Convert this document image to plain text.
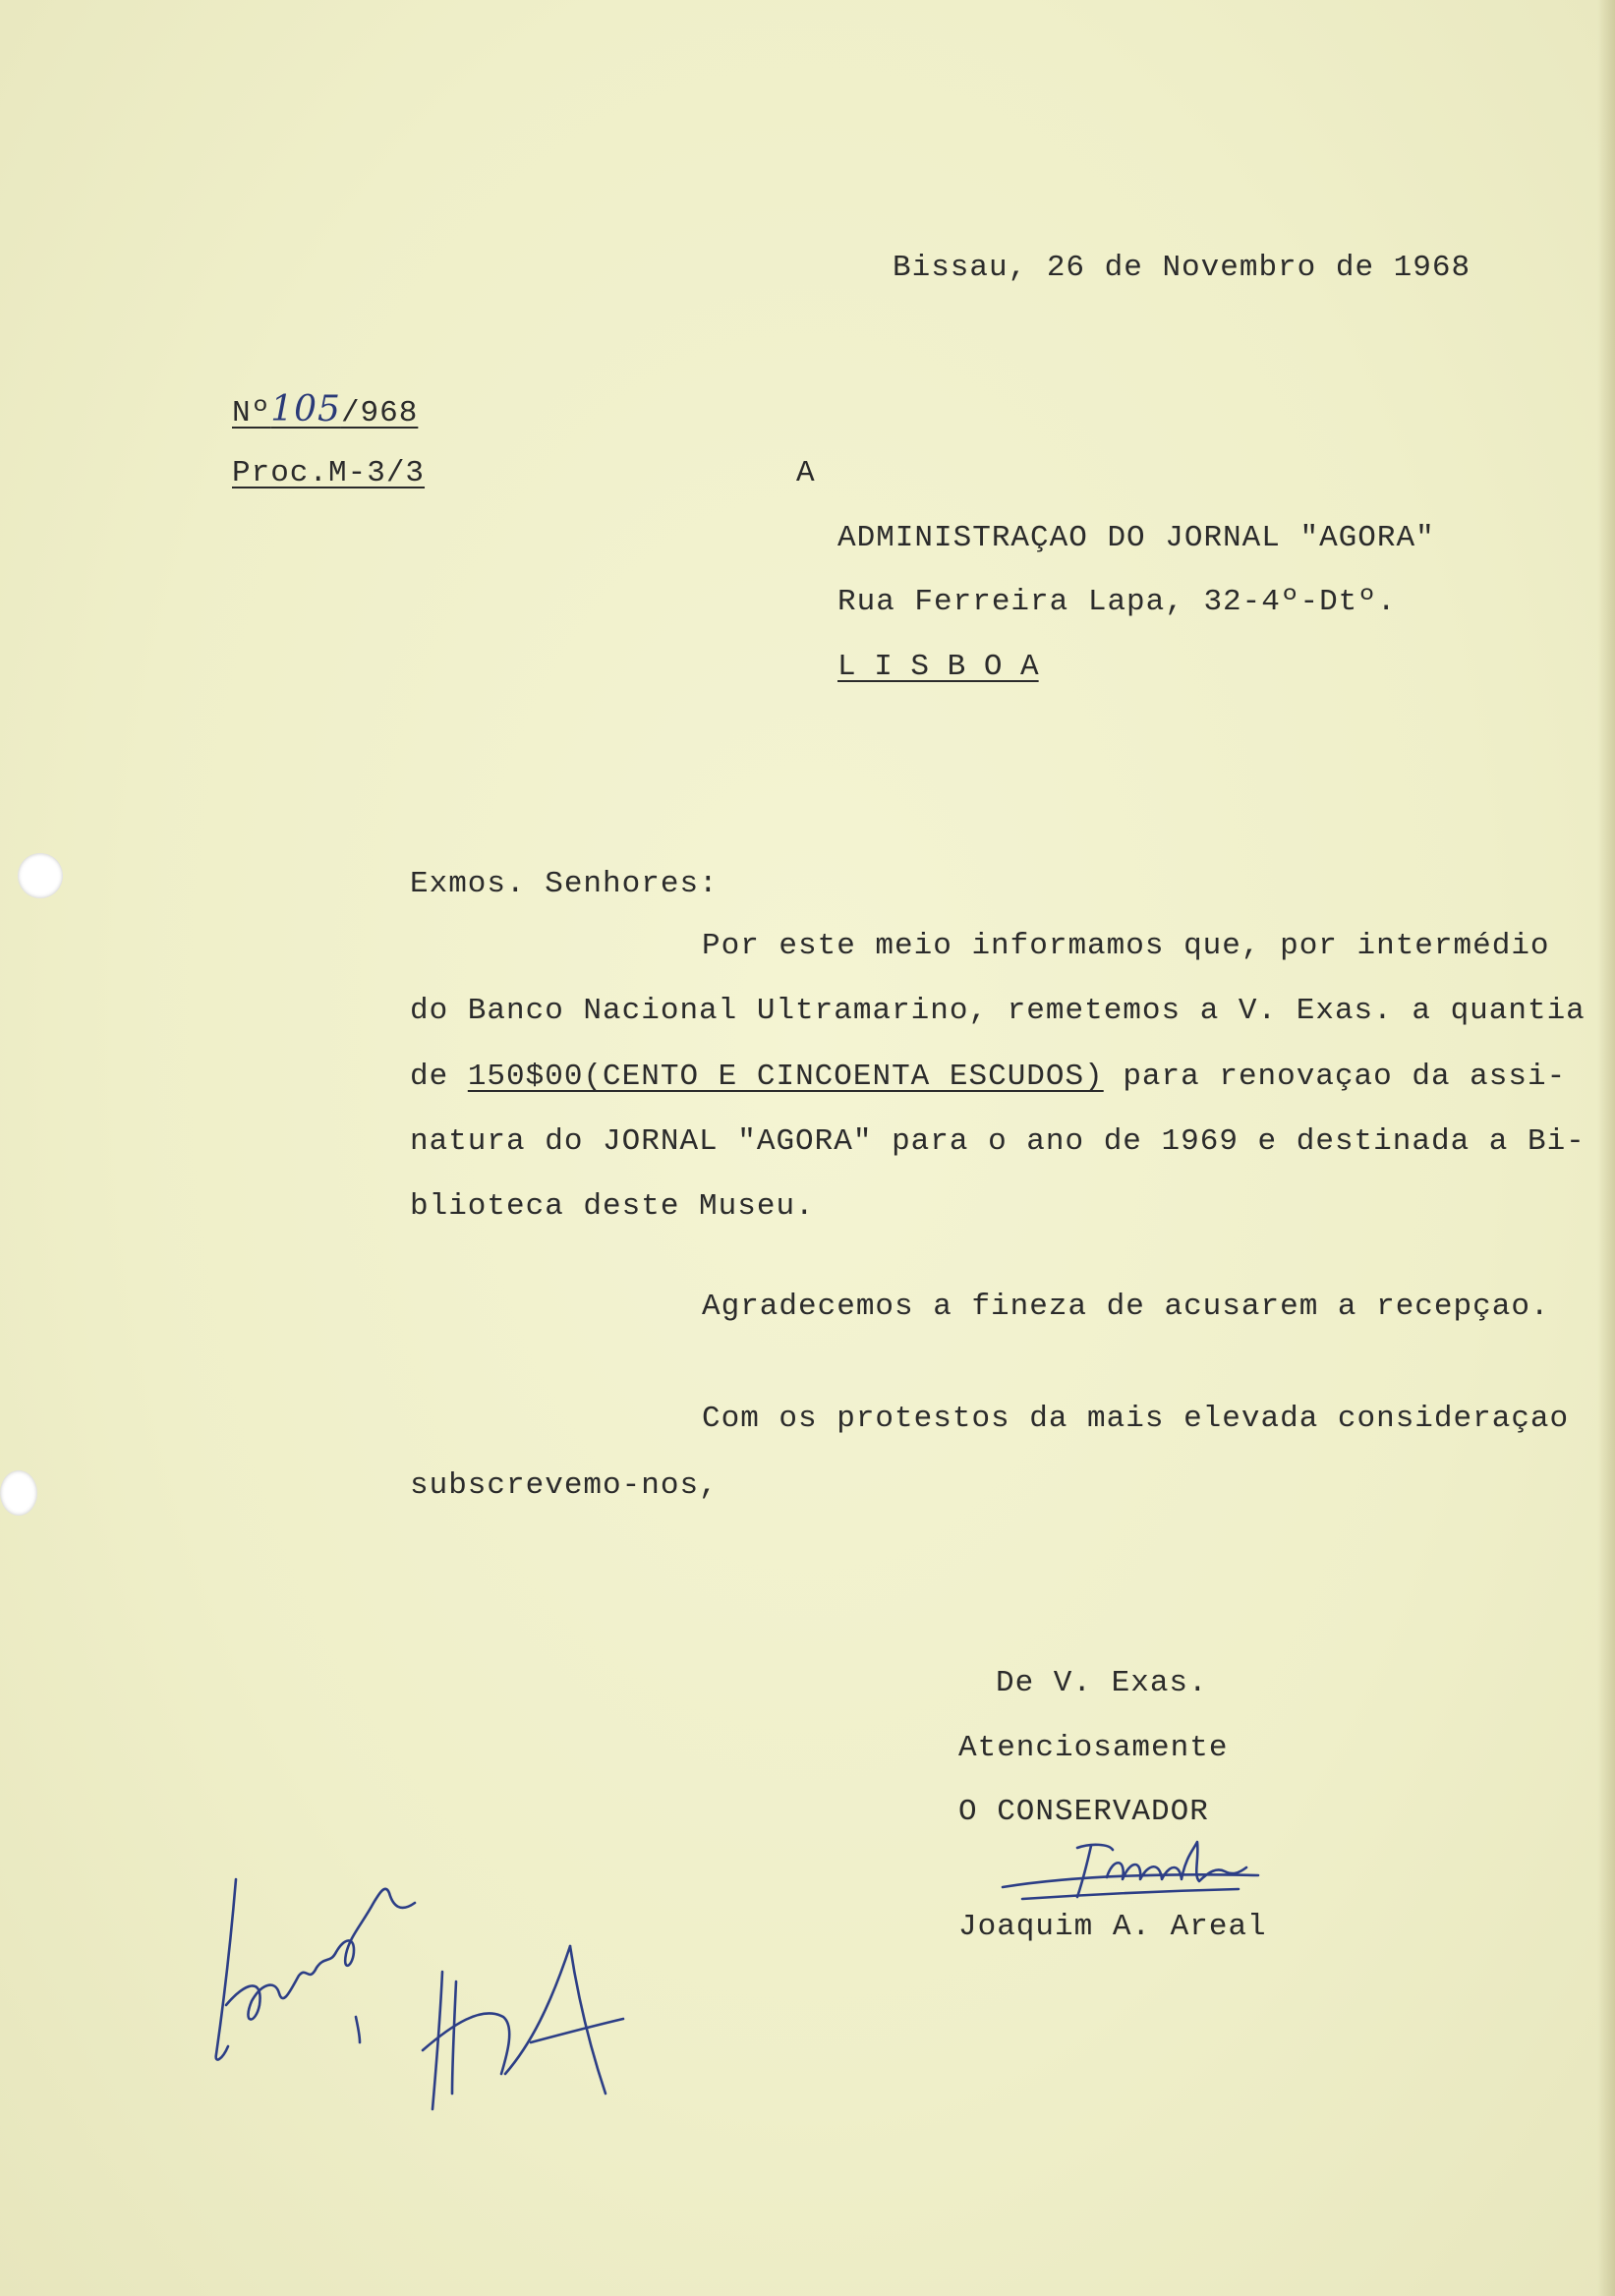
Bissau, 26 de Novembro de 1968
Nº105/968
Proc.M-3/3	A
ADMINISTRAÇAO DO JORNAL "AGORA"
Rua Ferreira Lapa, 32-4º-Dtº.
L I S B O A
Exmos. Senhores:
Por este meio informamos que, por intermédio
do Banco Nacional Ultramarino, remetemos a V. Exas. a quantia
de 150$00(CENTO E CINCOENTA ESCUDOS) para renovaçao da assi-
natura do JORNAL "AGORA" para o ano de 1969 e destinada a Bi-
blioteca deste Museu.
Agradecemos a fineza de acusarem a recepçao.
Com os protestos da mais elevada consideraçao
subscrevemo-nos,
De V. Exas.
Atenciosamente
O CONSERVADOR
Joaquim A. Areal
